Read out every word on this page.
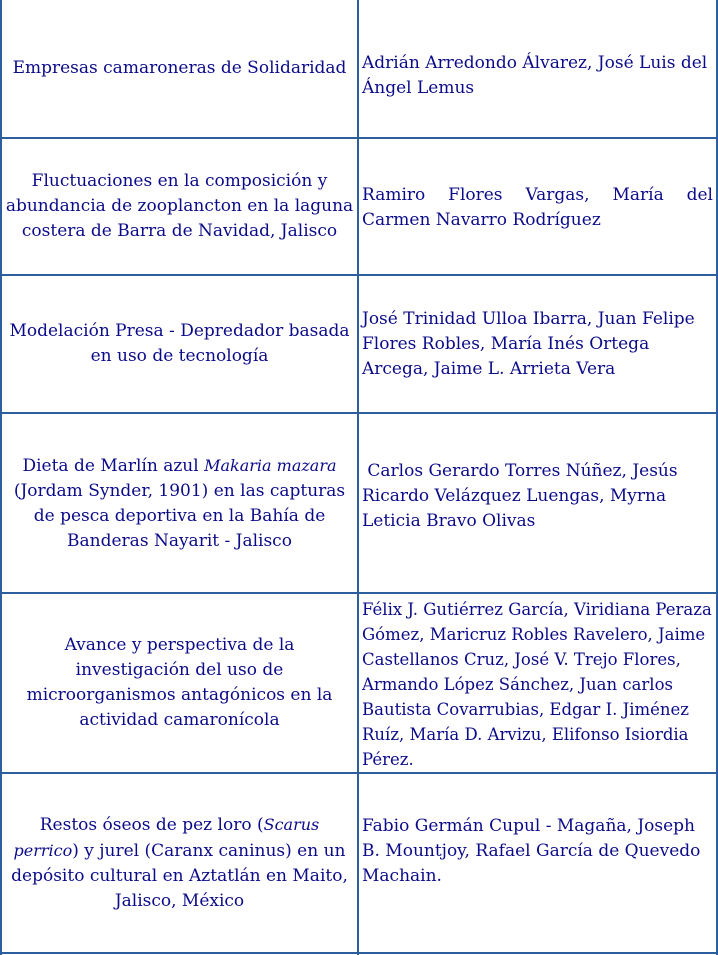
Empresas camaroneras de Solidaridad Adrián Arredondo Álvarez, José Luis del Ángel Lemus
Fluctuaciones en la composición y abundancia de zooplancton en la laguna costera de Barra de Navidad, Jalisco
Ramiro Flores Vargas, María del
Carmen Navarro Rodríguez
Modelación Presa - Depredador basada en uso de tecnología
José Trinidad Ulloa Ibarra, Juan Felipe Flores Robles, María Inés Ortega Arcega, Jaime L. Arrieta Vera
Dieta de Marlín azul Makaria mazara (Jordam Synder, 1901) en las capturas de pesca deportiva en la Bahía de Banderas Nayarit - Jalisco
Carlos Gerardo Torres Núñez, Jesús Ricardo Velázquez Luengas, Myrna Leticia Bravo Olivas
Avance y perspectiva de la investigación del uso de microorganismos antagónicos en la actividad camaronícola
Félix J. Gutiérrez García, Viridiana Peraza Gómez, Maricruz Robles Ravelero, Jaime Castellanos Cruz, José V. Trejo Flores, Armando López Sánchez, Juan carlos Bautista Covarrubias, Edgar I. Jiménez Ruíz, María D. Arvizu, Elifonso Isiordia Pérez.
Restos óseos de pez loro (Scarus perrico) y jurel (Caranx caninus) en un depósito cultural en Aztatlán en Maito, Jalisco, México
Fabio Germán Cupul - Magaña, Joseph B. Mountjoy, Rafael García de Quevedo Machain.
